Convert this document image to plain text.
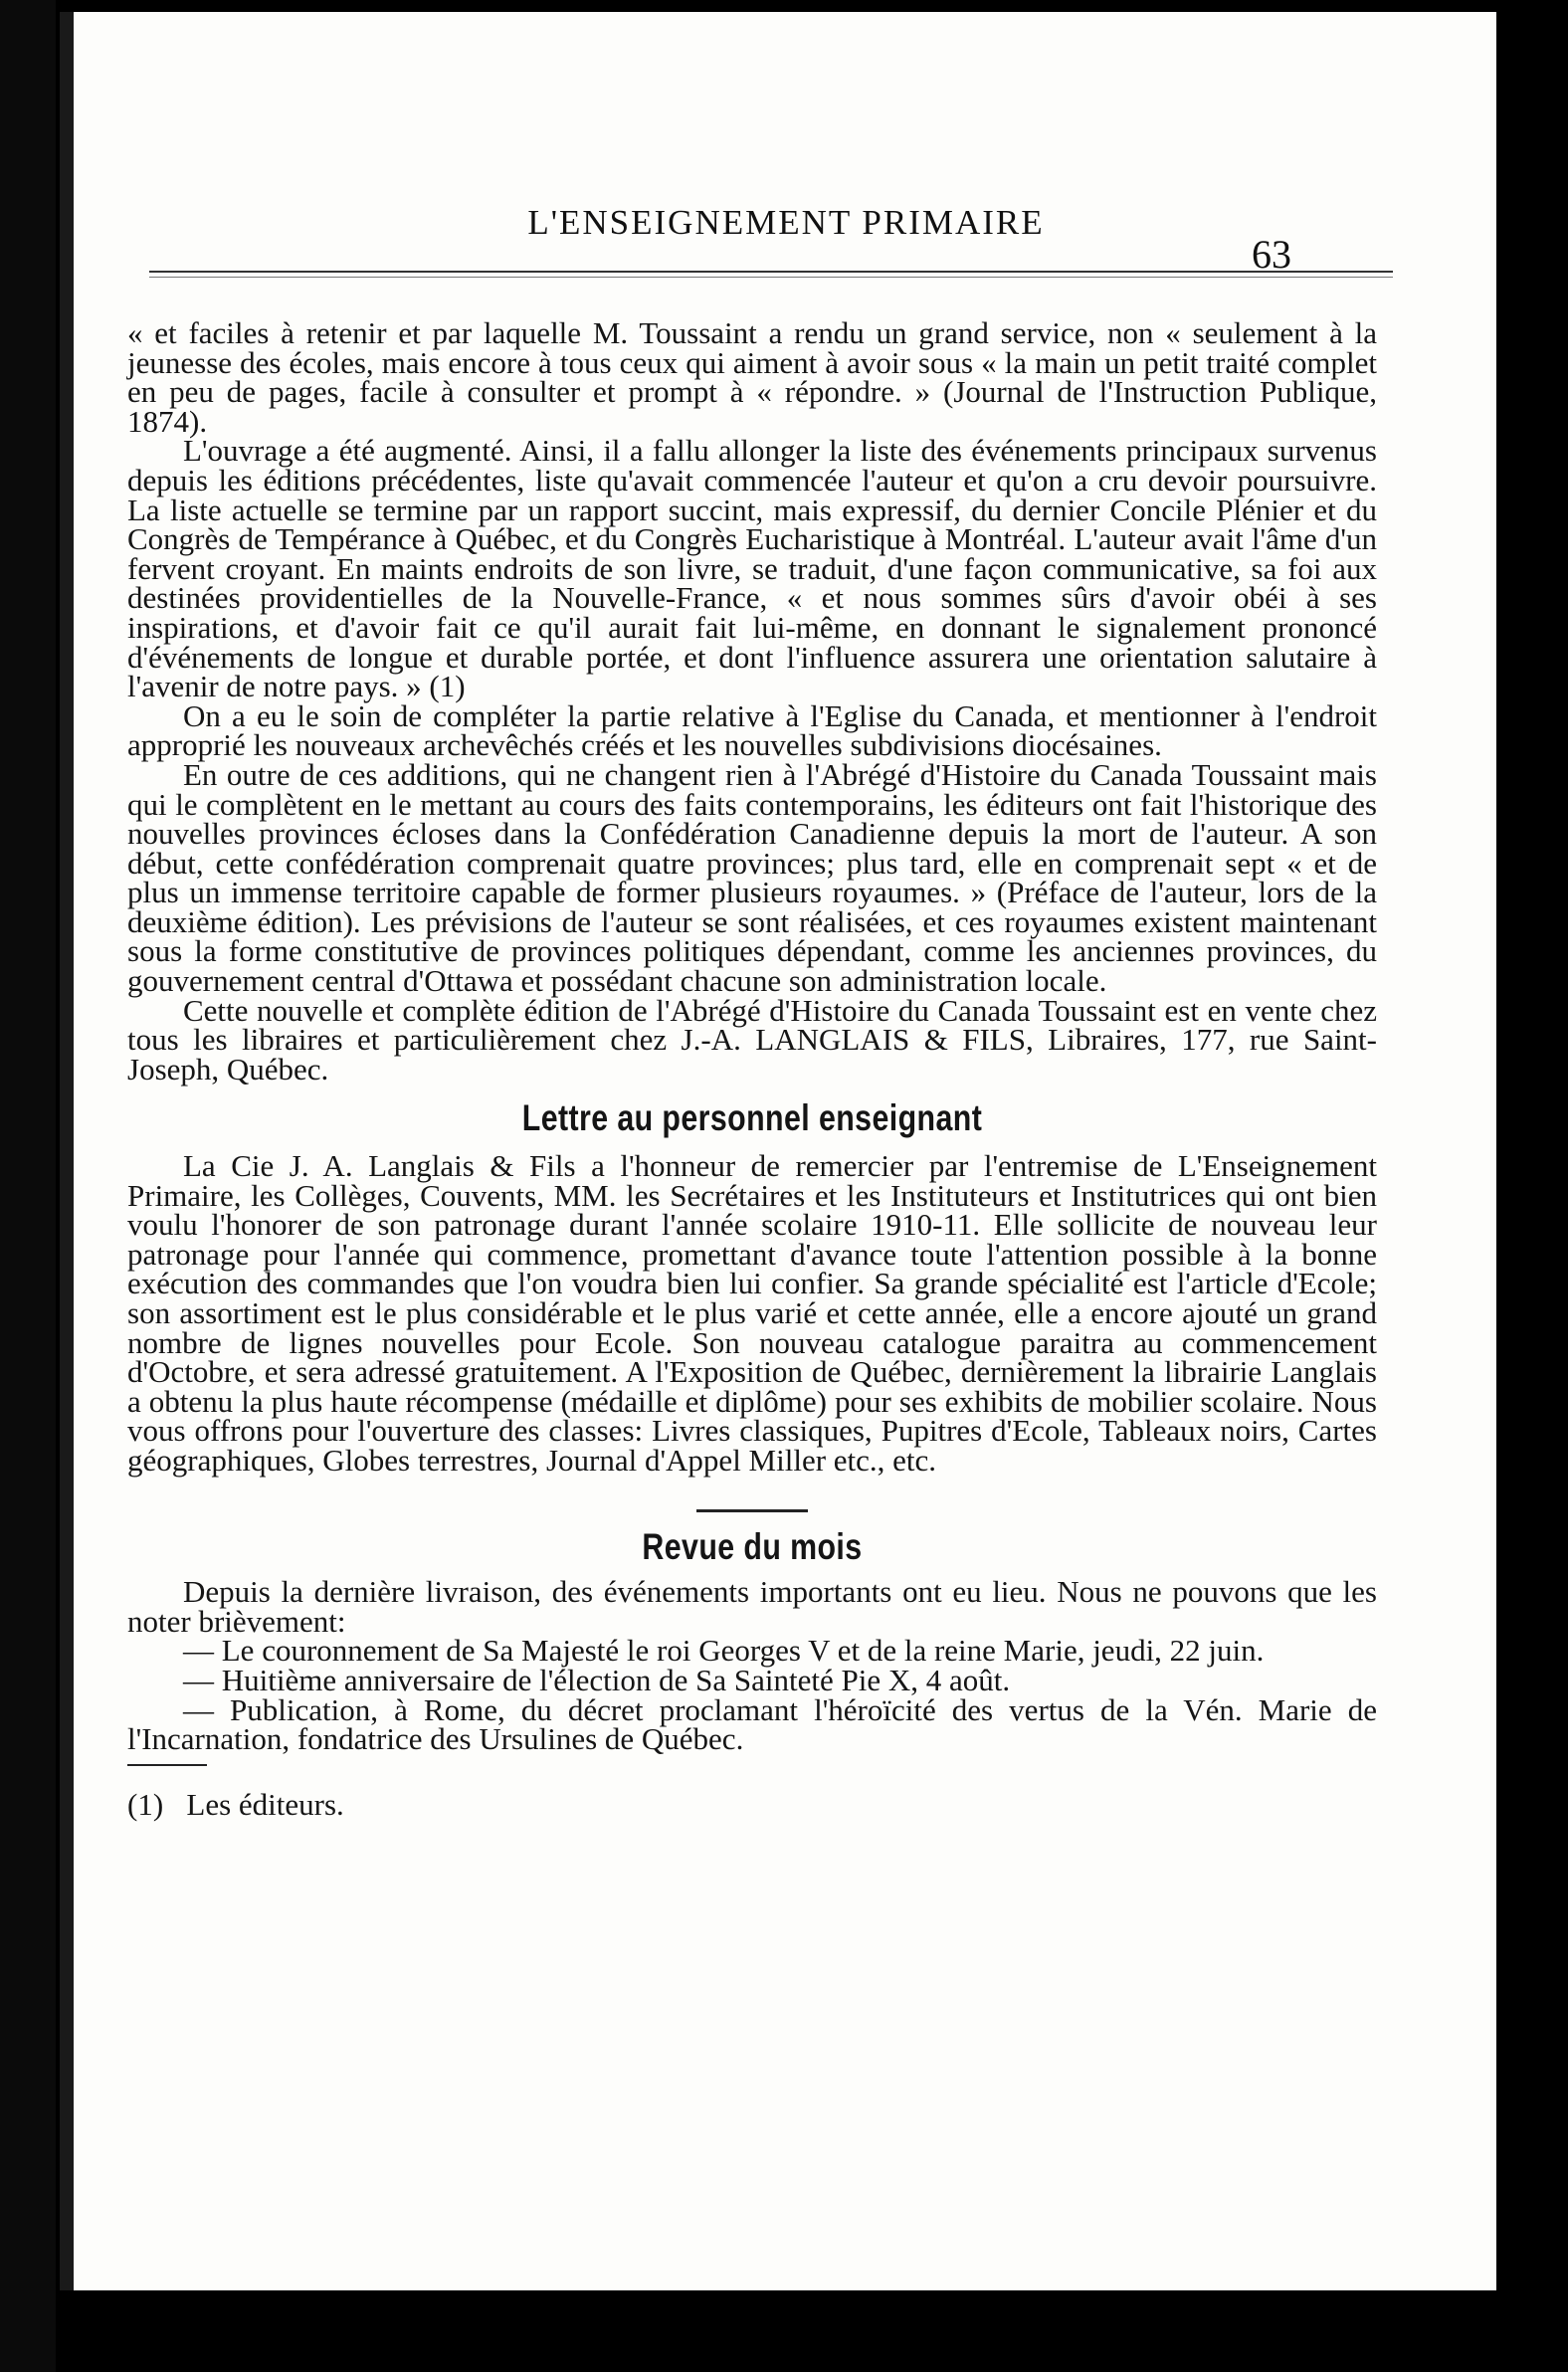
L'ENSEIGNEMENT PRIMAIRE
63

« et faciles à retenir et par laquelle M. Toussaint a rendu un grand service, non « seulement à la jeunesse des écoles, mais encore à tous ceux qui aiment à avoir sous « la main un petit traité complet en peu de pages, facile à consulter et prompt à « répondre. » (Journal de l'Instruction Publique, 1874).

L'ouvrage a été augmenté. Ainsi, il a fallu allonger la liste des événements principaux survenus depuis les éditions précédentes, liste qu'avait commencée l'auteur et qu'on a cru devoir poursuivre. La liste actuelle se termine par un rapport succint, mais expressif, du dernier Concile Plénier et du Congrès de Tempérance à Québec, et du Congrès Eucharistique à Montréal. L'auteur avait l'âme d'un fervent croyant. En maints endroits de son livre, se traduit, d'une façon communicative, sa foi aux destinées providentielles de la Nouvelle-France, « et nous sommes sûrs d'avoir obéi à ses inspirations, et d'avoir fait ce qu'il aurait fait lui-même, en donnant le signalement prononcé d'événements de longue et durable portée, et dont l'influence assurera une orientation salutaire à l'avenir de notre pays. » (1)

On a eu le soin de compléter la partie relative à l'Eglise du Canada, et mentionner à l'endroit approprié les nouveaux archevêchés créés et les nouvelles subdivisions diocésaines.

En outre de ces additions, qui ne changent rien à l'Abrégé d'Histoire du Canada Toussaint mais qui le complètent en le mettant au cours des faits contemporains, les éditeurs ont fait l'historique des nouvelles provinces écloses dans la Confédération Canadienne depuis la mort de l'auteur. A son début, cette confédération comprenait quatre provinces; plus tard, elle en comprenait sept « et de plus un immense territoire capable de former plusieurs royaumes. » (Préface de l'auteur, lors de la deuxième édition). Les prévisions de l'auteur se sont réalisées, et ces royaumes existent maintenant sous la forme constitutive de provinces politiques dépendant, comme les anciennes provinces, du gouvernement central d'Ottawa et possédant chacune son administration locale.

Cette nouvelle et complète édition de l'Abrégé d'Histoire du Canada Toussaint est en vente chez tous les libraires et particulièrement chez J.-A. LANGLAIS & FILS, Libraires, 177, rue Saint-Joseph, Québec.

Lettre au personnel enseignant

La Cie J. A. Langlais & Fils a l'honneur de remercier par l'entremise de L'Enseignement Primaire, les Collèges, Couvents, MM. les Secrétaires et les Instituteurs et Institutrices qui ont bien voulu l'honorer de son patronage durant l'année scolaire 1910-11. Elle sollicite de nouveau leur patronage pour l'année qui commence, promettant d'avance toute l'attention possible à la bonne exécution des commandes que l'on voudra bien lui confier. Sa grande spécialité est l'article d'Ecole; son assortiment est le plus considérable et le plus varié et cette année, elle a encore ajouté un grand nombre de lignes nouvelles pour Ecole. Son nouveau catalogue paraitra au commencement d'Octobre, et sera adressé gratuitement. A l'Exposition de Québec, dernièrement la librairie Langlais a obtenu la plus haute récompense (médaille et diplôme) pour ses exhibits de mobilier scolaire. Nous vous offrons pour l'ouverture des classes: Livres classiques, Pupitres d'Ecole, Tableaux noirs, Cartes géographiques, Globes terrestres, Journal d'Appel Miller etc., etc.

Revue du mois

Depuis la dernière livraison, des événements importants ont eu lieu. Nous ne pouvons que les noter brièvement:

— Le couronnement de Sa Majesté le roi Georges V et de la reine Marie, jeudi, 22 juin.

— Huitième anniversaire de l'élection de Sa Sainteté Pie X, 4 août.

— Publication, à Rome, du décret proclamant l'héroïcité des vertus de la Vén. Marie de l'Incarnation, fondatrice des Ursulines de Québec.

(1) Les éditeurs.
